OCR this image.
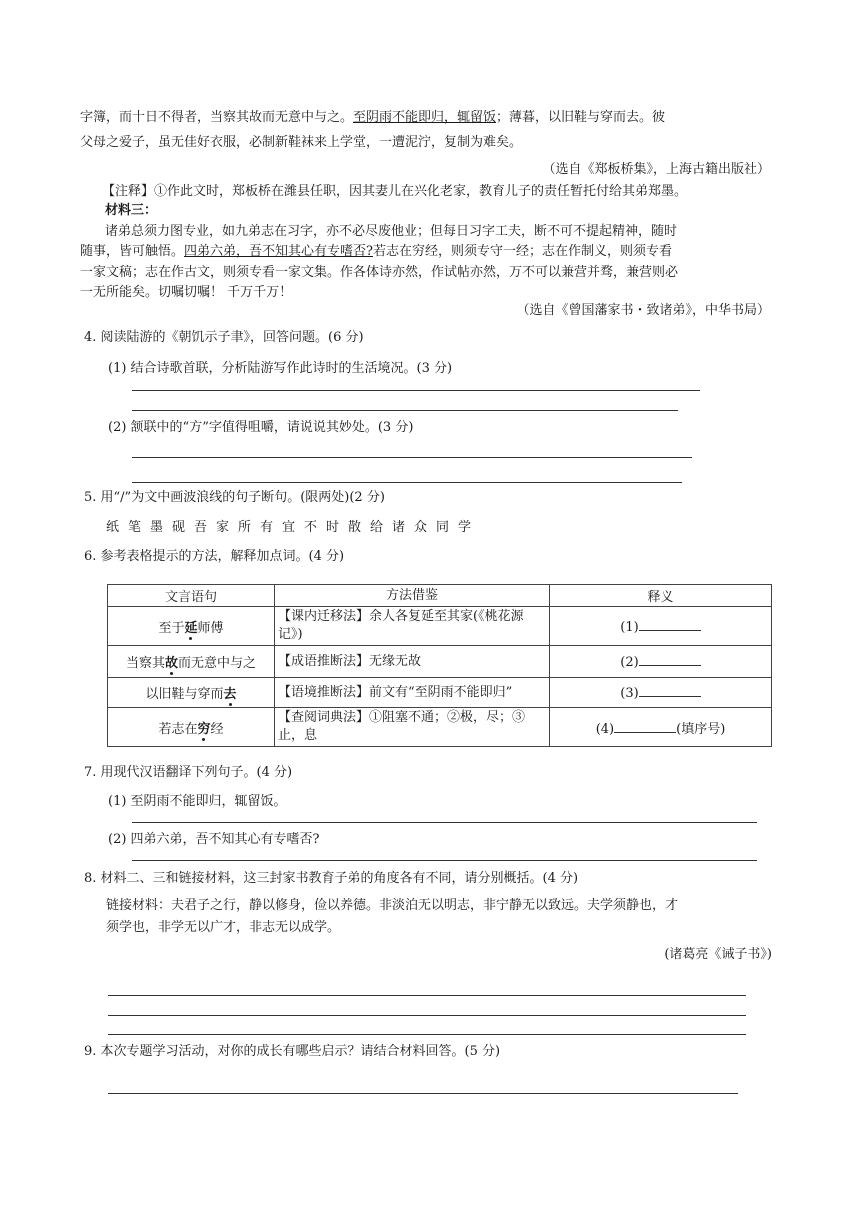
字簿，而十日不得者，当察其故而无意中与之。至阴雨不能即归，辄留饭；薄暮，以旧鞋与穿而去。彼
父母之爱子，虽无佳好衣服，必制新鞋袜来上学堂，一遭泥泞，复制为难矣。
（选自《郑板桥集》，上海古籍出版社）
【注释】①作此文时，郑板桥在潍县任职，因其妻儿在兴化老家，教育儿子的责任暂托付给其弟郑墨。
材料三：
诸弟总须力图专业，如九弟志在习字，亦不必尽废他业；但每日习字工夫，断不可不提起精神，随时
随事，皆可触悟。四弟六弟，吾不知其心有专嗜否?若志在穷经，则须专守一经；志在作制义，则须专看
一家文稿；志在作古文，则须专看一家文集。作各体诗亦然，作试帖亦然，万不可以兼营并骛，兼营则必
一无所能矣。切嘱切嘱！ 千万千万！
（选自《曾国藩家书・致诸弟》，中华书局）
4. 阅读陆游的《朝饥示子聿》，回答问题。(6 分)
(1) 结合诗歌首联，分析陆游写作此诗时的生活境况。(3 分)
(2) 颔联中的“方”字值得咀嚼，请说说其妙处。(3 分)
5. 用“/”为文中画波浪线的句子断句。(限两处)(2 分)
纸笔墨砚吾家所有宜不时散给诸众同学
6. 参考表格提示的方法，解释加点词。(4 分)
文言语句	方法借鉴	释义
至于延师傅	【课内迁移法】余人各复延至其家(《桃花源记》)	(1)
当察其故而无意中与之	【成语推断法】无缘无故	(2)
以旧鞋与穿而去	【语境推断法】前文有“至阴雨不能即归”	(3)
若志在穷经	【查阅词典法】①阻塞不通；②极，尽；③止，息	(4) (填序号)
7. 用现代汉语翻译下列句子。(4 分)
(1) 至阴雨不能即归，辄留饭。
(2) 四弟六弟，吾不知其心有专嗜否?
8. 材料二、三和链接材料，这三封家书教育子弟的角度各有不同，请分别概括。(4 分)
链接材料：夫君子之行，静以修身，俭以养德。非淡泊无以明志，非宁静无以致远。夫学须静也，才
须学也，非学无以广才，非志无以成学。
(诸葛亮《诫子书》)
9. 本次专题学习活动，对你的成长有哪些启示？请结合材料回答。(5 分)
